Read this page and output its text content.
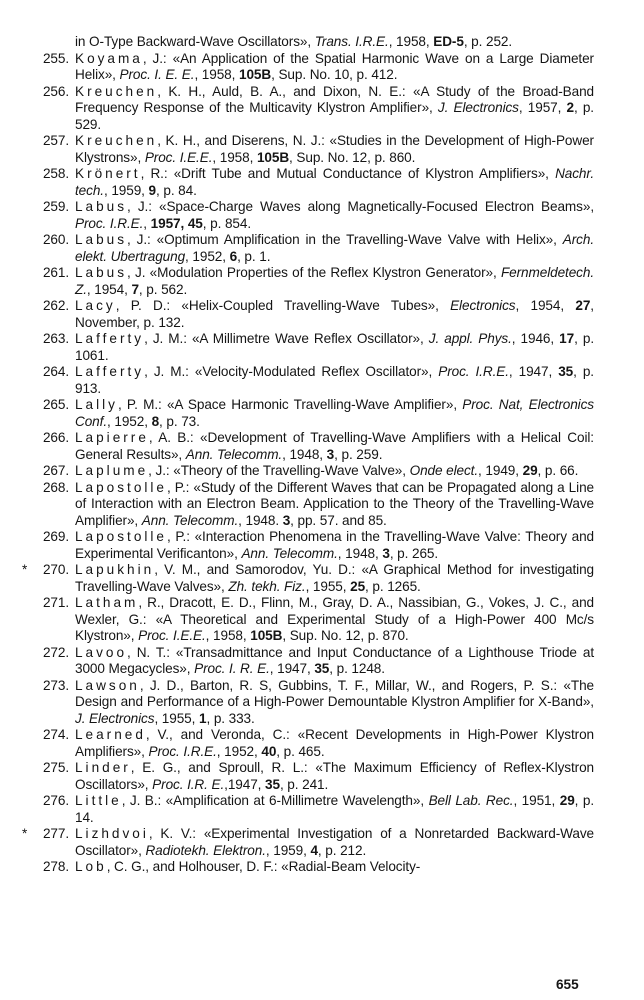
in O-Type Backward-Wave Oscillators», Trans. I.R.E., 1958, ED-5, p. 252.

255. Koyama, J.: «An Application of the Spatial Harmonic Wave on a Large Diameter Helix», Proc. I. E. E., 1958, 105B, Sup. No. 10, p. 412.

256. Kreuchen, K. H., Auld, B. A., and Dixon, N. E.: «A Study of the Broad-Band Frequency Response of the Multicavity Klystron Amplifier», J. Electronics, 1957, 2, p. 529.

257. Kreuchen, K. H., and Diserens, N. J.: «Studies in the Development of High-Power Klystrons», Proc. I.E.E., 1958, 105B, Sup. No. 12, p. 860.

258. Krönert, R.: «Drift Tube and Mutual Conductance of Klystron Amplifiers», Nachr. tech., 1959, 9, p. 84.

259. Labus, J.: «Space-Charge Waves along Magnetically-Focused Electron Beams», Proc. I.R.E., 1957, 45, p. 854.

260. Labus, J.: «Optimum Amplification in the Travelling-Wave Valve with Helix», Arch. elekt. Ubertragung, 1952, 6, p. 1.

261. Labus, J. «Modulation Properties of the Reflex Klystron Generator», Fernmeldetech. Z., 1954, 7, p. 562.

262. Lacy, P. D.: «Helix-Coupled Travelling-Wave Tubes», Electronics, 1954, 27, November, p. 132.

263. Lafferty, J. M.: «A Millimetre Wave Reflex Oscillator», J. appl. Phys., 1946, 17, p. 1061.

264. Lafferty, J. M.: «Velocity-Modulated Reflex Oscillator», Proc. I.R.E., 1947, 35, p. 913.

265. Lally, P. M.: «A Space Harmonic Travelling-Wave Amplifier», Proc. Nat, Electronics Conf., 1952, 8, p. 73.

266. Lapierre, A. B.: «Development of Travelling-Wave Amplifiers with a Helical Coil: General Results», Ann. Telecomm., 1948, 3, p. 259.

267. Laplume, J.: «Theory of the Travelling-Wave Valve», Onde elect., 1949, 29, p. 66.

268. Lapostolle, P.: «Study of the Different Waves that can be Propagated along a Line of Interaction with an Electron Beam. Application to the Theory of the Travelling-Wave Amplifier», Ann. Telecomm., 1948. 3, pp. 57. and 85.

269. Lapostolle, P.: «Interaction Phenomena in the Travelling-Wave Valve: Theory and Experimental Verificanton», Ann. Telecomm., 1948, 3, p. 265.

*	270. Lapukhin, V. M., and Samorodov, Yu. D.: «A Graphical Method for investigating Travelling-Wave Valves», Zh. tekh. Fiz., 1955, 25, p. 1265.

271. Latham, R., Dracott, E. D., Flinn, M., Gray, D. A., Nassibian, G., Vokes, J. C., and Wexler, G.: «A Theoretical and Experimental Study of a High-Power 400 Mc/s Klystron», Proc. I.E.E., 1958, 105B, Sup. No. 12, p. 870.

272. Lavoo, N. T.: «Transadmittance and Input Conductance of a Lighthouse Triode at 3000 Megacycles», Proc. I. R. E., 1947, 35, p. 1248.

273. Lawson, J. D., Barton, R. S, Gubbins, T. F., Millar, W., and Rogers, P. S.: «The Design and Performance of a High-Power Demountable Klystron Amplifier for X-Band», J. Electronics, 1955, 1, p. 333.

274. Learned, V., and Veronda, C.: «Recent Developments in High-Power Klystron Amplifiers», Proc. I.R.E., 1952, 40, p. 465.

275. Linder, E. G., and Sproull, R. L.: «The Maximum Efficiency of Reflex-Klystron Oscillators», Proc. I.R. E.,1947, 35, p. 241.

276. Little, J. B.: «Amplification at 6-Millimetre Wavelength», Bell Lab. Rec., 1951, 29, p. 14.

*	277. Lizhdvoi, K. V.: «Experimental Investigation of a Nonretarded Backward-Wave Oscillator», Radiotekh. Elektron., 1959, 4, p. 212.

278. Lob, C. G., and Holhouser, D. F.: «Radial-Beam Velocity-

655
